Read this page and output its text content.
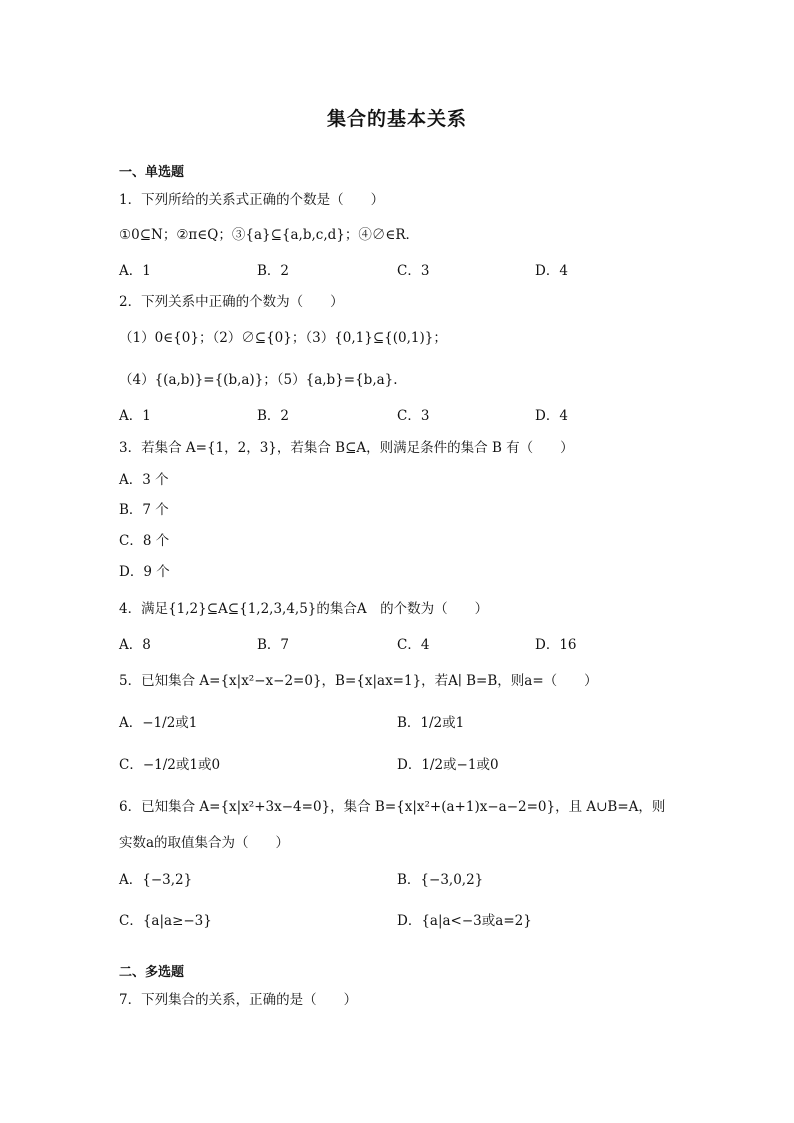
集合的基本关系
一、单选题
1．下列所给的关系式正确的个数是（　　）
①0⊆N；②π∈Q；③{a}⊆{a,b,c,d}；④∅∈R．
A．1	B．2	C．3	D．4
2．下列关系中正确的个数为（　　）
（1）0∈{0}；（2）∅⊆{0}；（3）{0,1}⊆{(0,1)}；
（4）{(a,b)}={(b,a)}；（5）{a,b}={b,a}.
A．1	B．2	C．3	D．4
3．若集合 A={1，2，3}，若集合 B⊆A，则满足条件的集合 B 有（　　）
A．3 个
B．7 个
C．8 个
D．9 个
4．满足{1,2}⊆A⊆{1,2,3,4,5}的集合A　的个数为（　　）
A．8	B．7	C．4	D．16
5．已知集合 A={x|x²−x−2=0}，B={x|ax=1}，若A∣ B=B，则a=（　　）
A．−1/2或1	B．1/2或1
C．−1/2或1或0	D．1/2或−1或0
6．已知集合 A={x|x²+3x−4=0}，集合 B={x|x²+(a+1)x−a−2=0}，且 A∪B=A，则
实数a的取值集合为（　　）
A．{−3,2}	B．{−3,0,2}
C．{a|a≥−3}	D．{a|a<−3或a=2}
二、多选题
7．下列集合的关系，正确的是（　　）
